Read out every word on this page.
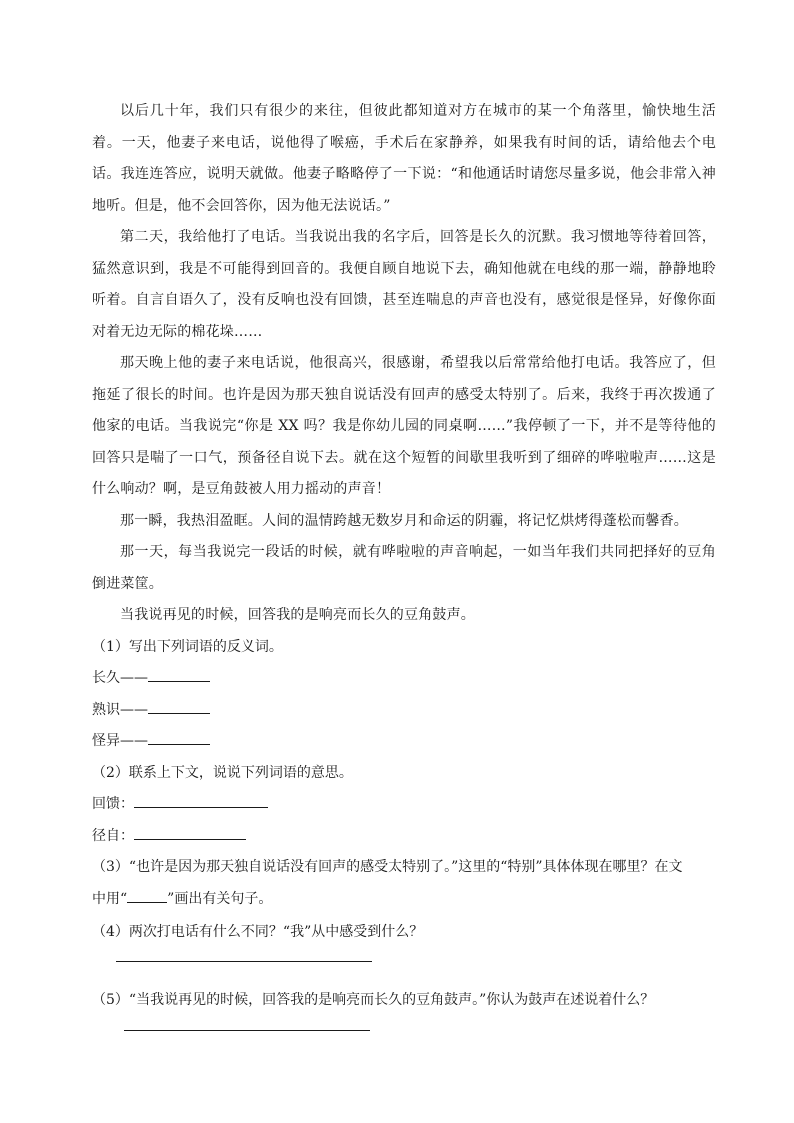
以后几十年，我们只有很少的来往，但彼此都知道对方在城市的某一个角落里，愉快地生活着。一天，他妻子来电话，说他得了喉癌，手术后在家静养，如果我有时间的话，请给他去个电话。我连连答应，说明天就做。他妻子略略停了一下说：“和他通话时请您尽量多说，他会非常入神地听。但是，他不会回答你，因为他无法说话。”

第二天，我给他打了电话。当我说出我的名字后，回答是长久的沉默。我习惯地等待着回答，猛然意识到，我是不可能得到回音的。我便自顾自地说下去，确知他就在电线的那一端，静静地聆听着。自言自语久了，没有反响也没有回馈，甚至连喘息的声音也没有，感觉很是怪异，好像你面对着无边无际的棉花垛……

那天晚上他的妻子来电话说，他很高兴，很感谢，希望我以后常常给他打电话。我答应了，但拖延了很长的时间。也许是因为那天独自说话没有回声的感受太特别了。后来，我终于再次拨通了他家的电话。当我说完“你是 XX 吗？我是你幼儿园的同桌啊……”我停顿了一下，并不是等待他的回答只是喘了一口气，预备径自说下去。就在这个短暂的间歇里我听到了细碎的哗啦啦声……这是什么响动？啊，是豆角鼓被人用力摇动的声音！

那一瞬，我热泪盈眶。人间的温情跨越无数岁月和命运的阴霾，将记忆烘烤得蓬松而馨香。

那一天，每当我说完一段话的时候，就有哗啦啦的声音响起，一如当年我们共同把择好的豆角倒进菜筐。

当我说再见的时候，回答我的是响亮而长久的豆角鼓声。

（1）写出下列词语的反义词。

长久——

熟识——

怪异——

（2）联系上下文，说说下列词语的意思。

回馈：

径自：

（3）“也许是因为那天独自说话没有回声的感受太特别了。”这里的“特别”具体体现在哪里？在文

中用“	”画出有关句子。

（4）两次打电话有什么不同？“我”从中感受到什么？

（5）“当我说再见的时候，回答我的是响亮而长久的豆角鼓声。”你认为鼓声在述说着什么？
